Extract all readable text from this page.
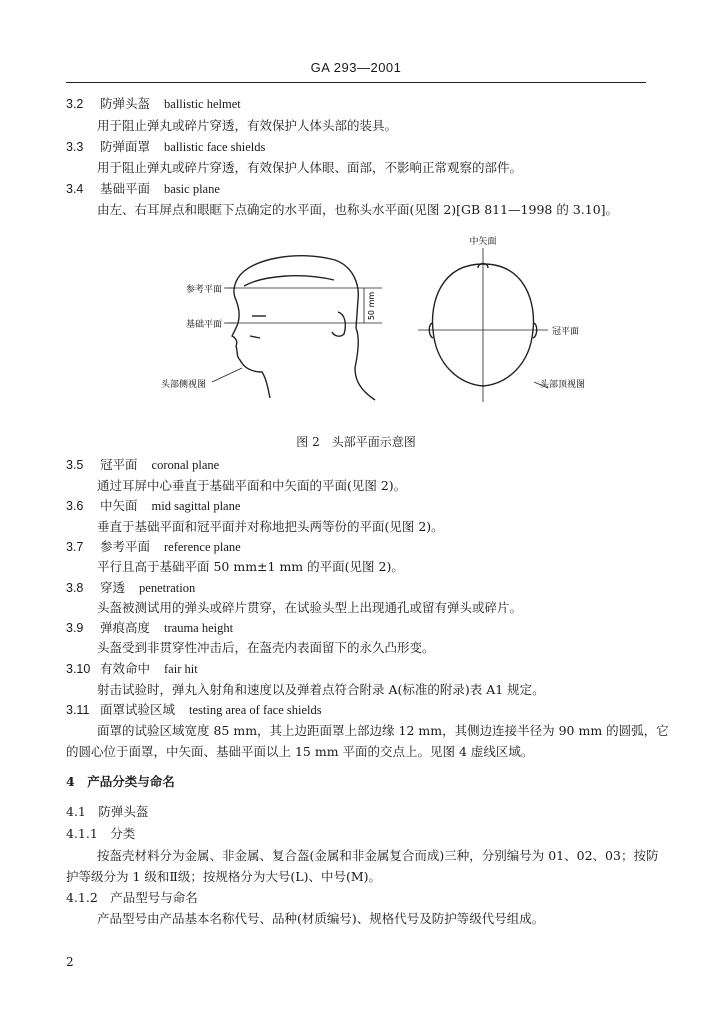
GA 293—2001
3.2 防弹头盔 ballistic helmet
用于阻止弹丸或碎片穿透，有效保护人体头部的装具。
3.3 防弹面罩 ballistic face shields
用于阻止弹丸或碎片穿透，有效保护人体眼、面部，不影响正常观察的部件。
3.4 基础平面 basic plane
由左、右耳屏点和眼眶下点确定的水平面，也称头水平面(见图 2)[GB 811—1998 的 3.10]。
中矢面
参考平面
基础平面
50 mm
冠平面
头部侧视图	头部顶视图
图 2　头部平面示意图
3.5 冠平面 coronal plane
通过耳屏中心垂直于基础平面和中矢面的平面(见图 2)。
3.6 中矢面 mid sagittal plane
垂直于基础平面和冠平面并对称地把头两等份的平面(见图 2)。
3.7 参考平面 reference plane
平行且高于基础平面 50 mm±1 mm 的平面(见图 2)。
3.8 穿透 penetration
头盔被测试用的弹头或碎片贯穿，在试验头型上出现通孔或留有弹头或碎片。
3.9 弹痕高度 trauma height
头盔受到非贯穿性冲击后，在盔壳内表面留下的永久凸形变。
3.10 有效命中 fair hit
射击试验时，弹丸入射角和速度以及弹着点符合附录 A(标准的附录)表 A1 规定。
3.11 面罩试验区域 testing area of face shields
面罩的试验区域宽度 85 mm，其上边距面罩上部边缘 12 mm，其侧边连接半径为 90 mm 的圆弧，它
的圆心位于面罩，中矢面、基础平面以上 15 mm 平面的交点上。见图 4 虚线区域。
4　产品分类与命名
4.1　防弹头盔
4.1.1　分类
按盔壳材料分为金属、非金属、复合盔(金属和非金属复合而成)三种，分别编号为 01、02、03；按防
护等级分为 1 级和Ⅱ级；按规格分为大号(L)、中号(M)。
4.1.2　产品型号与命名
产品型号由产品基本名称代号、品种(材质编号)、规格代号及防护等级代号组成。
2
